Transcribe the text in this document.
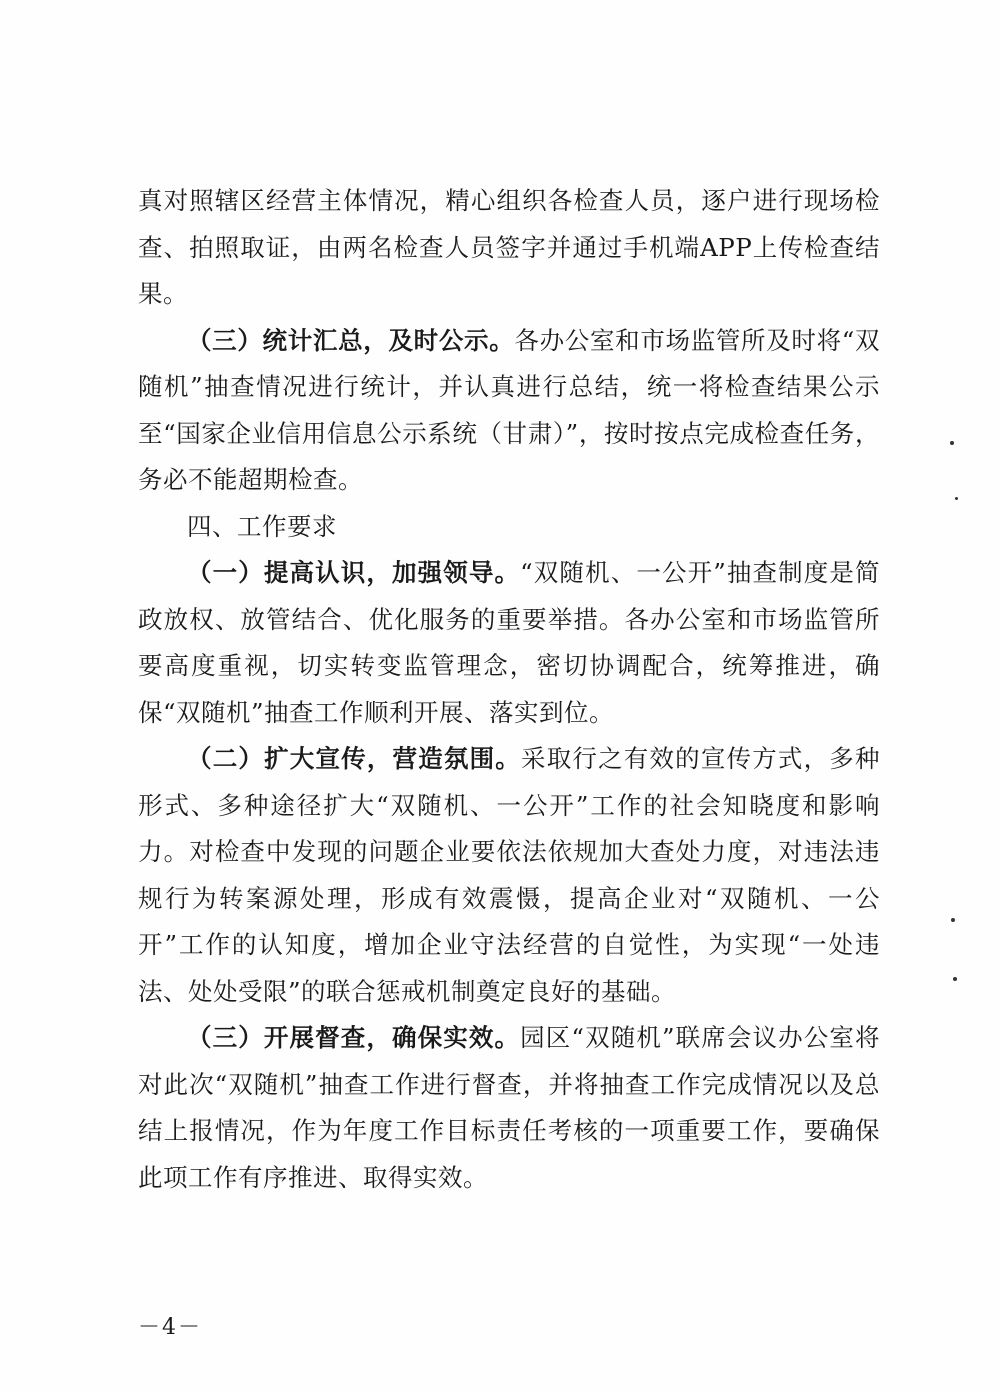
真对照辖区经营主体情况，精心组织各检查人员，逐户进行现场检查、拍照取证，由两名检查人员签字并通过手机端APP上传检查结果。

（三）统计汇总，及时公示。各办公室和市场监管所及时将“双随机”抽查情况进行统计，并认真进行总结，统一将检查结果公示至“国家企业信用信息公示系统（甘肃）”，按时按点完成检查任务，务必不能超期检查。

四、工作要求

（一）提高认识，加强领导。“双随机、一公开”抽查制度是简政放权、放管结合、优化服务的重要举措。各办公室和市场监管所要高度重视，切实转变监管理念，密切协调配合，统筹推进，确保“双随机”抽查工作顺利开展、落实到位。

（二）扩大宣传，营造氛围。采取行之有效的宣传方式，多种形式、多种途径扩大“双随机、一公开”工作的社会知晓度和影响力。对检查中发现的问题企业要依法依规加大查处力度，对违法违规行为转案源处理，形成有效震慑，提高企业对“双随机、一公开”工作的认知度，增加企业守法经营的自觉性，为实现“一处违法、处处受限”的联合惩戒机制奠定良好的基础。

（三）开展督查，确保实效。园区“双随机”联席会议办公室将对此次“双随机”抽查工作进行督查，并将抽查工作完成情况以及总结上报情况，作为年度工作目标责任考核的一项重要工作，要确保此项工作有序推进、取得实效。

－4－
